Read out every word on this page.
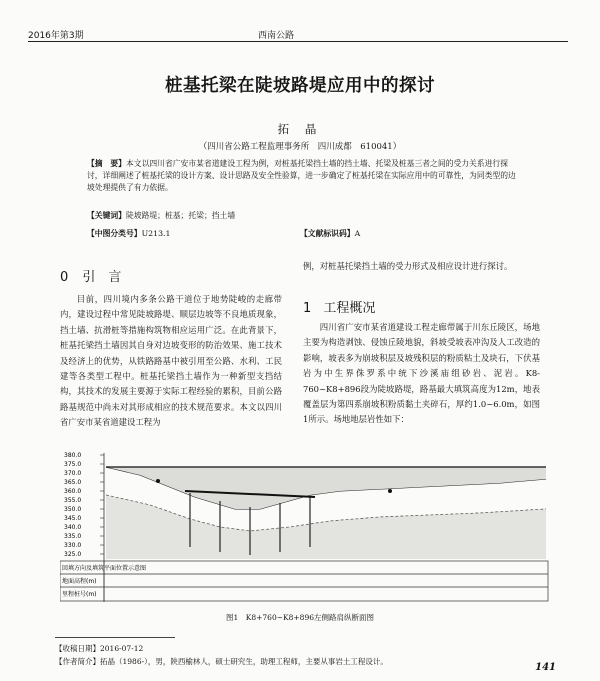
2016年第3期	西南公路
桩基托梁在陡坡路堤应用中的探讨
拓 晶
（四川省公路工程监理事务所　四川成都　610041）
【摘　要】本文以四川省广安市某省道建设工程为例，对桩基托梁挡土墙的挡土墙、托梁及桩基三者之间的受力关系进行探讨，详细阐述了桩基托梁的设计方案、设计思路及安全性验算，进一步确定了桩基托梁在实际应用中的可靠性，为同类型的边坡处理提供了有力依据。
【关键词】陡坡路堤；桩基；托梁；挡土墙
【中图分类号】U213.1	【文献标识码】A
0 引　言

目前，四川境内多条公路干道位于地势陡峻的走廊带内，建设过程中常见陡坡路堤、顺层边坡等不良地质现象，挡土墙、抗滑桩等措施构筑物相应运用广泛。在此背景下，桩基托梁挡土墙因其自身对边坡变形的防治效果、施工技术及经济上的优势，从铁路路基中被引用至公路、水利、工民建等各类型工程中。桩基托梁挡土墙作为一种新型支挡结构，其技术的发展主要源于实际工程经验的累积，目前公路路基规范中尚未对其形成相应的技术规范要求。本文以四川省广安市某省道建设工程为

例，对桩基托梁挡土墙的受力形式及相应设计进行探讨。

1 工程概况

四川省广安市某省道建设工程走廊带属于川东丘陵区，场地主要为构造剥蚀、侵蚀丘陵地貌，斜坡受坡表冲沟及人工改造的影响，坡表多为崩坡积层及坡残积层的粉质粘土及块石，下伏基岩为中生界侏罗系中统下沙溪庙组砂岩、泥岩。K8-760~K8+896段为陡坡路堤，路基最大填筑高度为12m，地表覆盖层为第四系崩坡积粉质黏土夹碎石，厚约1.0~6.0m，如图1所示。场地地层岩性如下：

380.0
375.0
370.0
365.0
360.0
355.0
350.0
345.0
340.0
335.0
330.0
325.0
回填方向及填筑平面位置示意图
地面高程(m)
里程桩号(m)
图1　K8+760~K8+896左侧路肩纵断面图
【收稿日期】2016-07-12
【作者简介】拓晶（1986-），男，陕西榆林人，硕士研究生，助理工程师，主要从事岩土工程设计。
141
